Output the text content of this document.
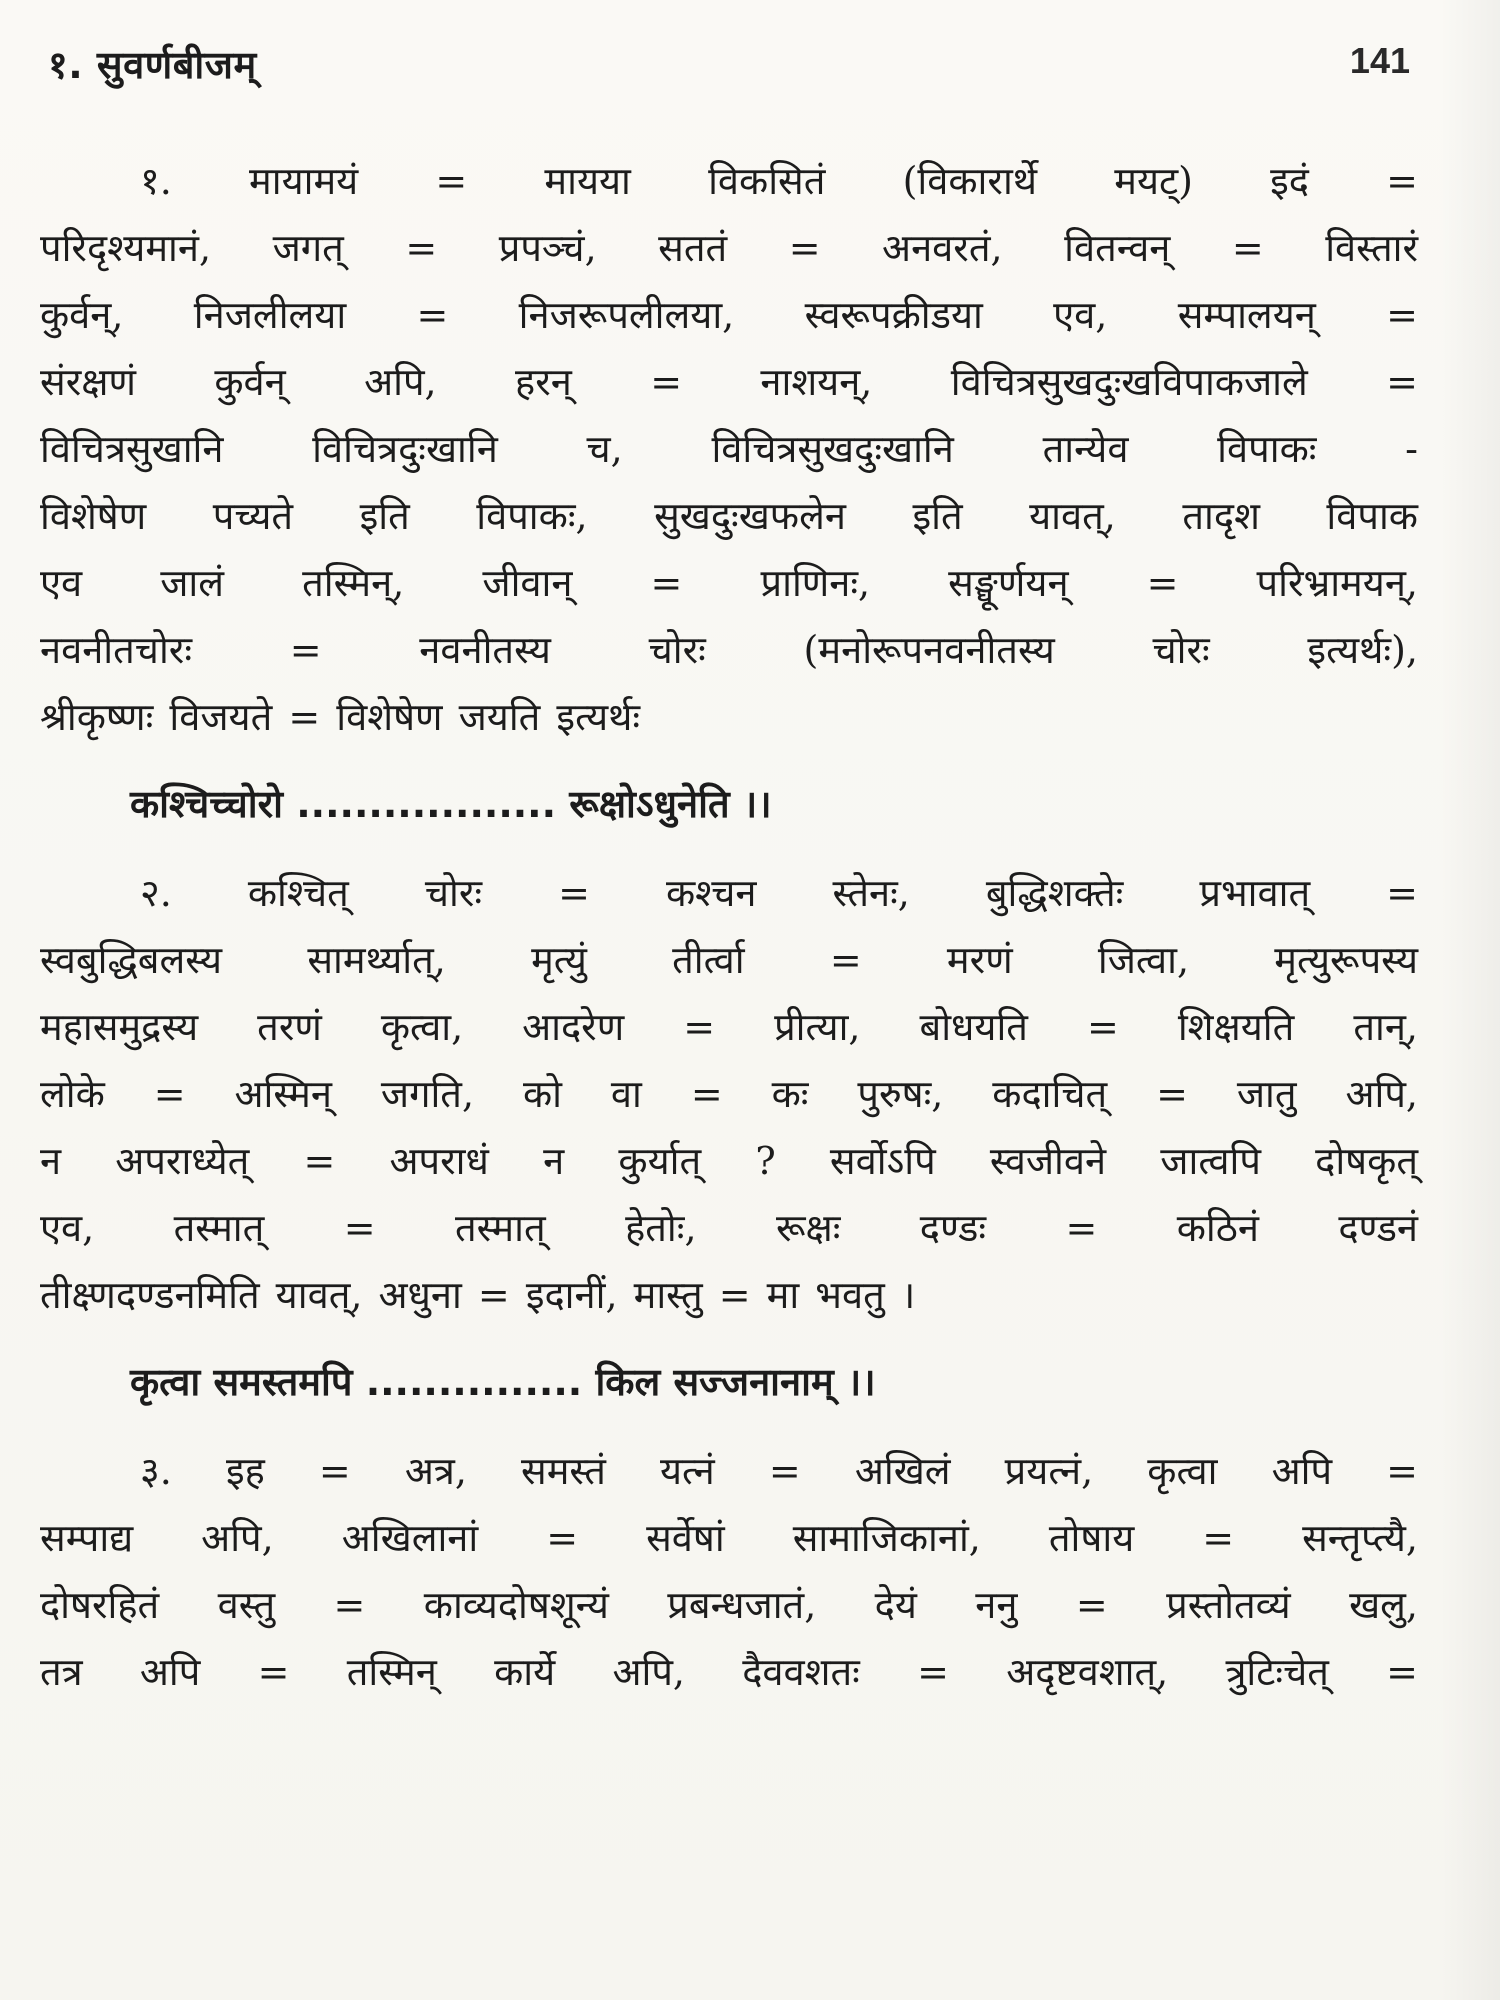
१. सुवर्णबीजम्	141
१. मायामयं = मायया विकसितं (विकारार्थे मयट्) इदं =
परिदृश्यमानं, जगत् = प्रपञ्चं, सततं = अनवरतं, वितन्वन् = विस्तारं
कुर्वन्, निजलीलया = निजरूपलीलया, स्वरूपक्रीडया एव, सम्पालयन् =
संरक्षणं कुर्वन् अपि, हरन् = नाशयन्, विचित्रसुखदुःखविपाकजाले =
विचित्रसुखानि विचित्रदुःखानि च, विचित्रसुखदुःखानि तान्येव विपाकः -
विशेषेण पच्यते इति विपाकः, सुखदुःखफलेन इति यावत्, तादृश विपाक
एव जालं तस्मिन्, जीवान् = प्राणिनः, सङ्घूर्णयन् = परिभ्रामयन्,
नवनीतचोरः = नवनीतस्य चोरः (मनोरूपनवनीतस्य चोरः इत्यर्थः),
श्रीकृष्णः विजयते = विशेषेण जयति इत्यर्थः
कश्चिच्चोरो .................. रूक्षोऽधुनेति ।।
२. कश्चित् चोरः = कश्चन स्तेनः, बुद्धिशक्तेः प्रभावात् =
स्वबुद्धिबलस्य सामर्थ्यात्, मृत्युं तीर्त्वा = मरणं जित्वा, मृत्युरूपस्य
महासमुद्रस्य तरणं कृत्वा, आदरेण = प्रीत्या, बोधयति = शिक्षयति तान्,
लोके = अस्मिन् जगति, को वा = कः पुरुषः, कदाचित् = जातु अपि,
न अपराध्येत् = अपराधं न कुर्यात् ? सर्वोऽपि स्वजीवने जात्वपि दोषकृत्
एव, तस्मात् = तस्मात् हेतोः, रूक्षः दण्डः = कठिनं दण्डनं
तीक्ष्णदण्डनमिति यावत्, अधुना = इदानीं, मास्तु = मा भवतु ।
कृत्वा समस्तमपि ............... किल सज्जनानाम् ।।
३. इह = अत्र, समस्तं यत्नं = अखिलं प्रयत्नं, कृत्वा अपि =
सम्पाद्य अपि, अखिलानां = सर्वेषां सामाजिकानां, तोषाय = सन्तृप्त्यै,
दोषरहितं वस्तु = काव्यदोषशून्यं प्रबन्धजातं, देयं ननु = प्रस्तोतव्यं खलु,
तत्र अपि = तस्मिन् कार्ये अपि, दैववशतः = अदृष्टवशात्, त्रुटिःचेत् =
